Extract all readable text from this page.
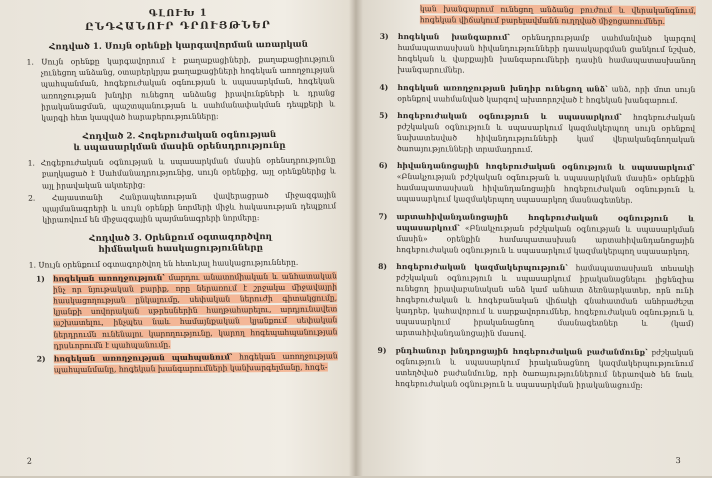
ԳԼՈՒԽ 1
ԸՆԴՀԱՆՈՒՐ ԴՐՈՒՅԹՆԵՐ
Հոդված 1. Սույն օրենքի կարգավորման առարկան

1. Սույն օրենքը կարգավորում է քաղաքացիների, քաղաքացիություն չունեցող անձանց, օտարերկրյա քաղաքացիների հոգեկան առողջության պահպանման, հոգեբուժական օգնության և սպասարկման, հոգեկան առողջության խնդիր ունեցող անձանց իրավունքների և դրանց իրականացման, պաշտպանության և սահմանափակման դեպքերի և կարգի հետ կապված հարաբերությունները:

Հոդված 2. Հոգեբուժական օգնության
և սպասարկման մասին օրենսդրությունը

1. Հոգեբուժական օգնության և սպասարկման մասին օրենսդրությունը բաղկացած է Սահմանադրությունից, սույն օրենքից, այլ օրենքներից և այլ իրավական ակտերից:

2. Հայաստանի Հանրապետության վավերացրած միջազգային պայմանագրերի և սույն օրենքի նորմերի միջև հակասության դեպքում կիրառվում են միջազգային պայմանագրերի նորմերը:

Հոդված 3. Օրենքում օգտագործվող
հիմնական հասկացությունները

1. Սույն օրենքում օգտագործվող են հետևյալ հասկացությունները.

1) հոգեկան առողջություն՝ մարդու անատոմիական և անհատական ինչ որ նյութական բարիք, որը ներառում է շրջակա միջավայրի հասկացողության ընկալումը, սեփական ներուժի գիտակցումը, կյանքի սովորական սթրեսներին հաղթահարելու, արդյունավետ աշխատելու, ինչպես նաև համայնքական կյանքում սեփական ներդրումն ունենալու կարողությունը, կարող հոգեպահպանության դրսևորումն է պահպանումը.
2) հոգեկան առողջության պահպանում՝ հոգեկան առողջության պահպանմանը, հոգեկան խանգարումների կանխարգելմանը, հոգե-
2

կան խանգարում ունեցող անձանց բուժում և վերականգնում, հոգեկան վիճակում բարելավմանն ուղղված միջոցառումներ.

3) հոգեկան խանգարում՝ օրենսդրությամբ սահմանված կարգով համապատասխան հիվանդությունների դասակարգման ցանկում նշված, հոգեկան և վարքային խանգարումների դասին համապատասխանող խանգարումներ.
4) հոգեկան առողջության խնդիր ունեցող անձ՝ անձ, որի մոտ սույն օրենքով սահմանված կարգով ախտորոշված է հոգեկան խանգարում.
5) հոգեբուժական օգնություն և սպասարկում՝ հոգեբուժական բժշկական օգնություն և սպասարկում կազմակերպող սույն օրենքով նախատեսված հիվանդությունների կամ վերականգնողական ծառայությունների տրամադրում.
6) հիվանդանոցային հոգեբուժական օգնություն և սպասարկում՝ «Բնակչության բժշկական օգնության և սպասարկման մասին» օրենքին համապատասխան հիվանդանոցային հոգեբուժական օգնություն և սպասարկում կազմակերպող սպասարկող մասնագետներ.
7) արտահիվանդանոցային հոգեբուժական օգնություն և սպասարկում՝ «Բնակչության բժշկական օգնության և սպասարկման մասին» օրենքին համապատասխան արտահիվանդանոցային հոգեբուժական օգնություն և սպասարկում կազմակերպող սպասարկող.
8) հոգեբուժական կազմակերպություն՝ համապատասխան տեսակի բժշկական օգնություն և սպասարկում իրականացնելու լիցենզիա ունեցող իրավաբանական անձ կամ անհատ ձեռնարկատեր, որն ունի հոգեբուժական և հոգեբանական վիճակի գնահատման անհրաժեշտ կադրեր, կահավորում և սարքավորումներ, հոգեբուժական օգնություն և սպասարկում իրականացնող մասնագետներ և (կամ) արտահիվանդանոցային մասով.
9) բնդհանուր խնդրոցային հոգեբուժական բաժանմունք՝ բժշկական օգնություն և սպասարկում իրականացնող կազմակերպությունում ստեղծված բաժանմունք, որի ծառայություններում ներառված են նաև հոգեբուժական օգնություն և սպասարկման իրականացումը:
3
